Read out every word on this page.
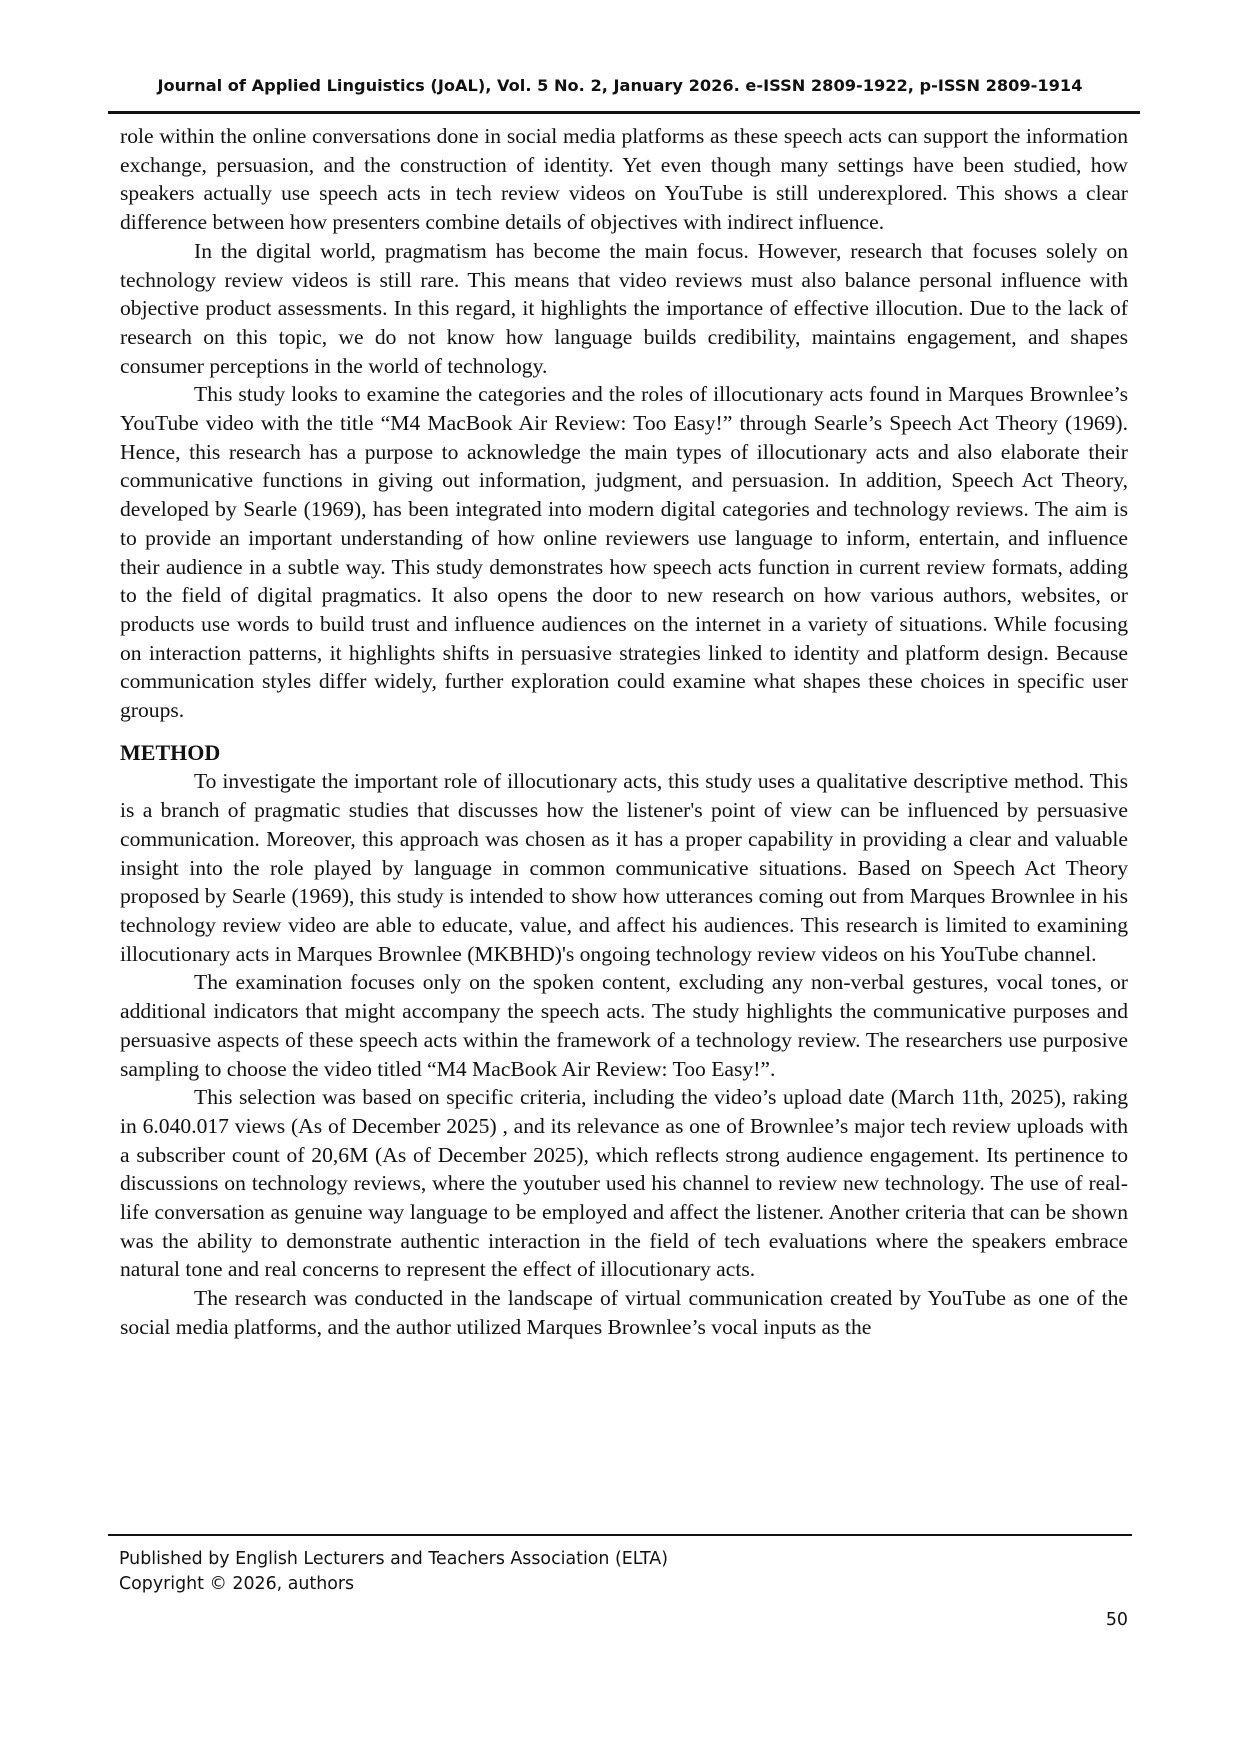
Journal of Applied Linguistics (JoAL), Vol. 5 No. 2, January 2026. e-ISSN 2809-1922, p-ISSN 2809-1914

role within the online conversations done in social media platforms as these speech acts can support the information exchange, persuasion, and the construction of identity. Yet even though many settings have been studied, how speakers actually use speech acts in tech review videos on YouTube is still underexplored. This shows a clear difference between how presenters combine details of objectives with indirect influence.

In the digital world, pragmatism has become the main focus. However, research that focuses solely on technology review videos is still rare. This means that video reviews must also balance personal influence with objective product assessments. In this regard, it highlights the importance of effective illocution. Due to the lack of research on this topic, we do not know how language builds credibility, maintains engagement, and shapes consumer perceptions in the world of technology.

This study looks to examine the categories and the roles of illocutionary acts found in Marques Brownlee’s YouTube video with the title “M4 MacBook Air Review: Too Easy!” through Searle’s Speech Act Theory (1969). Hence, this research has a purpose to acknowledge the main types of illocutionary acts and also elaborate their communicative functions in giving out information, judgment, and persuasion. In addition, Speech Act Theory, developed by Searle (1969), has been integrated into modern digital categories and technology reviews. The aim is to provide an important understanding of how online reviewers use language to inform, entertain, and influence their audience in a subtle way. This study demonstrates how speech acts function in current review formats, adding to the field of digital pragmatics. It also opens the door to new research on how various authors, websites, or products use words to build trust and influence audiences on the internet in a variety of situations. While focusing on interaction patterns, it highlights shifts in persuasive strategies linked to identity and platform design. Because communication styles differ widely, further exploration could examine what shapes these choices in specific user groups.

METHOD

To investigate the important role of illocutionary acts, this study uses a qualitative descriptive method. This is a branch of pragmatic studies that discusses how the listener's point of view can be influenced by persuasive communication. Moreover, this approach was chosen as it has a proper capability in providing a clear and valuable insight into the role played by language in common communicative situations. Based on Speech Act Theory proposed by Searle (1969), this study is intended to show how utterances coming out from Marques Brownlee in his technology review video are able to educate, value, and affect his audiences. This research is limited to examining illocutionary acts in Marques Brownlee (MKBHD)'s ongoing technology review videos on his YouTube channel.

The examination focuses only on the spoken content, excluding any non-verbal gestures, vocal tones, or additional indicators that might accompany the speech acts. The study highlights the communicative purposes and persuasive aspects of these speech acts within the framework of a technology review. The researchers use purposive sampling to choose the video titled “M4 MacBook Air Review: Too Easy!”.

This selection was based on specific criteria, including the video’s upload date (March 11th, 2025), raking in 6.040.017 views (As of December 2025) , and its relevance as one of Brownlee’s major tech review uploads with a subscriber count of 20,6M (As of December 2025), which reflects strong audience engagement. Its pertinence to discussions on technology reviews, where the youtuber used his channel to review new technology. The use of real-life conversation as genuine way language to be employed and affect the listener. Another criteria that can be shown was the ability to demonstrate authentic interaction in the field of tech evaluations where the speakers embrace natural tone and real concerns to represent the effect of illocutionary acts.

The research was conducted in the landscape of virtual communication created by YouTube as one of the social media platforms, and the author utilized Marques Brownlee’s vocal inputs as the

Published by English Lecturers and Teachers Association (ELTA)
Copyright © 2026, authors
50
